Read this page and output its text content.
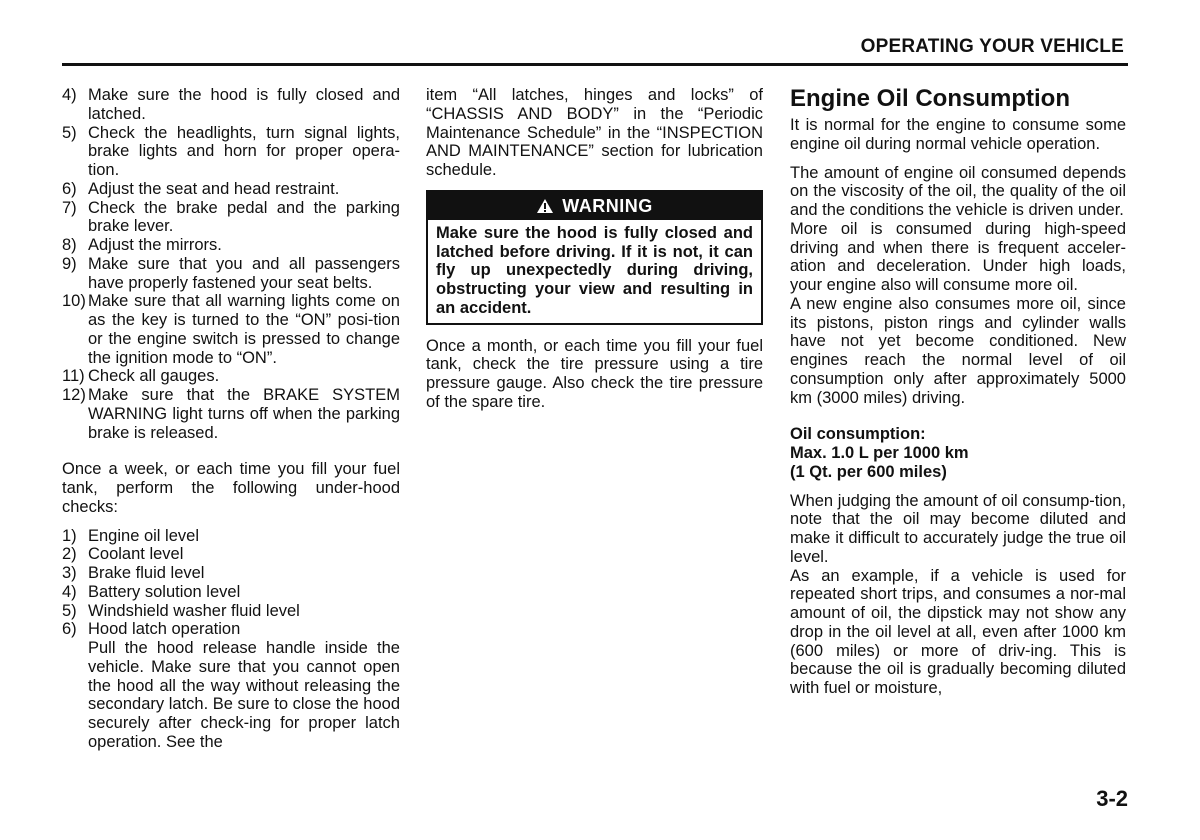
OPERATING YOUR VEHICLE
4) Make sure the hood is fully closed and latched.
5) Check the headlights, turn signal lights, brake lights and horn for proper opera-tion.
6) Adjust the seat and head restraint.
7) Check the brake pedal and the parking brake lever.
8) Adjust the mirrors.
9) Make sure that you and all passengers have properly fastened your seat belts.
10) Make sure that all warning lights come on as the key is turned to the “ON” posi-tion or the engine switch is pressed to change the ignition mode to “ON”.
11) Check all gauges.
12) Make sure that the BRAKE SYSTEM WARNING light turns off when the parking brake is released.

Once a week, or each time you fill your fuel tank, perform the following under-hood checks:

1) Engine oil level
2) Coolant level
3) Brake fluid level
4) Battery solution level
5) Windshield washer fluid level
6) Hood latch operation
Pull the hood release handle inside the vehicle. Make sure that you cannot open the hood all the way without releasing the secondary latch. Be sure to close the hood securely after check-ing for proper latch operation. See the

item “All latches, hinges and locks” of “CHASSIS AND BODY” in the “Periodic Maintenance Schedule” in the “INSPECTION AND MAINTENANCE” section for lubrication schedule.

WARNING
Make sure the hood is fully closed and latched before driving. If it is not, it can fly up unexpectedly during driving, obstructing your view and resulting in an accident.

Once a month, or each time you fill your fuel tank, check the tire pressure using a tire pressure gauge. Also check the tire pressure of the spare tire.

Engine Oil Consumption

It is normal for the engine to consume some engine oil during normal vehicle operation.

The amount of engine oil consumed depends on the viscosity of the oil, the quality of the oil and the conditions the vehicle is driven under.

More oil is consumed during high-speed driving and when there is frequent acceler-ation and deceleration. Under high loads, your engine also will consume more oil.

A new engine also consumes more oil, since its pistons, piston rings and cylinder walls have not yet become conditioned. New engines reach the normal level of oil consumption only after approximately 5000 km (3000 miles) driving.

Oil consumption:
Max. 1.0 L per 1000 km
(1 Qt. per 600 miles)

When judging the amount of oil consump-tion, note that the oil may become diluted and make it difficult to accurately judge the true oil level.

As an example, if a vehicle is used for repeated short trips, and consumes a nor-mal amount of oil, the dipstick may not show any drop in the oil level at all, even after 1000 km (600 miles) or more of driv-ing. This is because the oil is gradually becoming diluted with fuel or moisture,

3-2
